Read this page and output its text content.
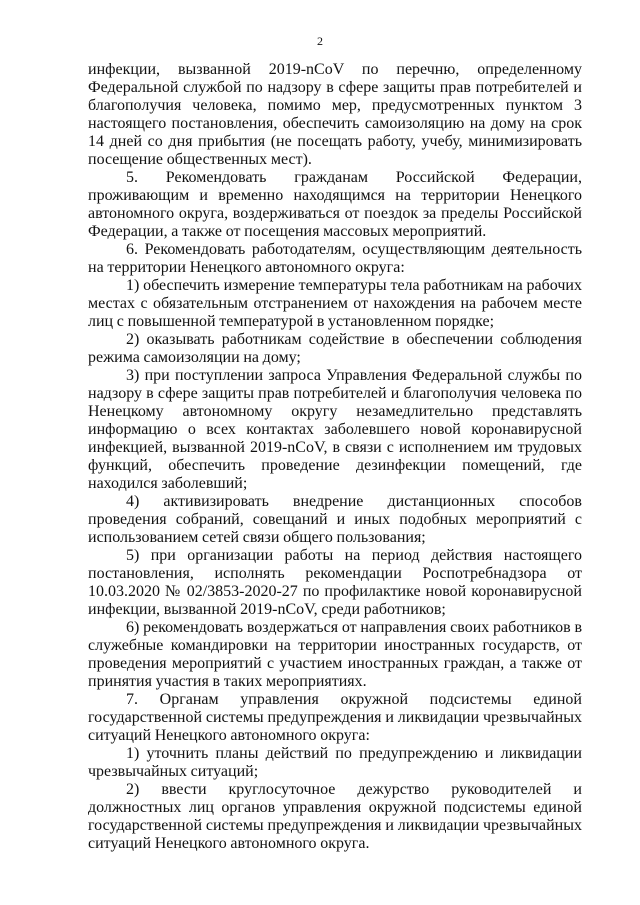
2

инфекции, вызванной 2019-nCoV по перечню, определенному Федеральной службой по надзору в сфере защиты прав потребителей и благополучия человека, помимо мер, предусмотренных пунктом 3 настоящего постановления, обеспечить самоизоляцию на дому на срок 14 дней со дня прибытия (не посещать работу, учебу, минимизировать посещение общественных мест).

5. Рекомендовать гражданам Российской Федерации, проживающим и временно находящимся на территории Ненецкого автономного округа, воздерживаться от поездок за пределы Российской Федерации, а также от посещения массовых мероприятий.

6. Рекомендовать работодателям, осуществляющим деятельность на территории Ненецкого автономного округа:

1) обеспечить измерение температуры тела работникам на рабочих местах с обязательным отстранением от нахождения на рабочем месте лиц с повышенной температурой в установленном порядке;

2) оказывать работникам содействие в обеспечении соблюдения режима самоизоляции на дому;

3) при поступлении запроса Управления Федеральной службы по надзору в сфере защиты прав потребителей и благополучия человека по Ненецкому автономному округу незамедлительно представлять информацию о всех контактах заболевшего новой коронавирусной инфекцией, вызванной 2019-nCoV, в связи с исполнением им трудовых функций, обеспечить проведение дезинфекции помещений, где находился заболевший;

4) активизировать внедрение дистанционных способов проведения собраний, совещаний и иных подобных мероприятий с использованием сетей связи общего пользования;

5) при организации работы на период действия настоящего постановления, исполнять рекомендации Роспотребнадзора от 10.03.2020 № 02/3853-2020-27 по профилактике новой коронавирусной инфекции, вызванной 2019-nCoV, среди работников;

6) рекомендовать воздержаться от направления своих работников в служебные командировки на территории иностранных государств, от проведения мероприятий с участием иностранных граждан, а также от принятия участия в таких мероприятиях.

7. Органам управления окружной подсистемы единой государственной системы предупреждения и ликвидации чрезвычайных ситуаций Ненецкого автономного округа:

1) уточнить планы действий по предупреждению и ликвидации чрезвычайных ситуаций;

2) ввести круглосуточное дежурство руководителей и должностных лиц органов управления окружной подсистемы единой государственной системы предупреждения и ликвидации чрезвычайных ситуаций Ненецкого автономного округа.
